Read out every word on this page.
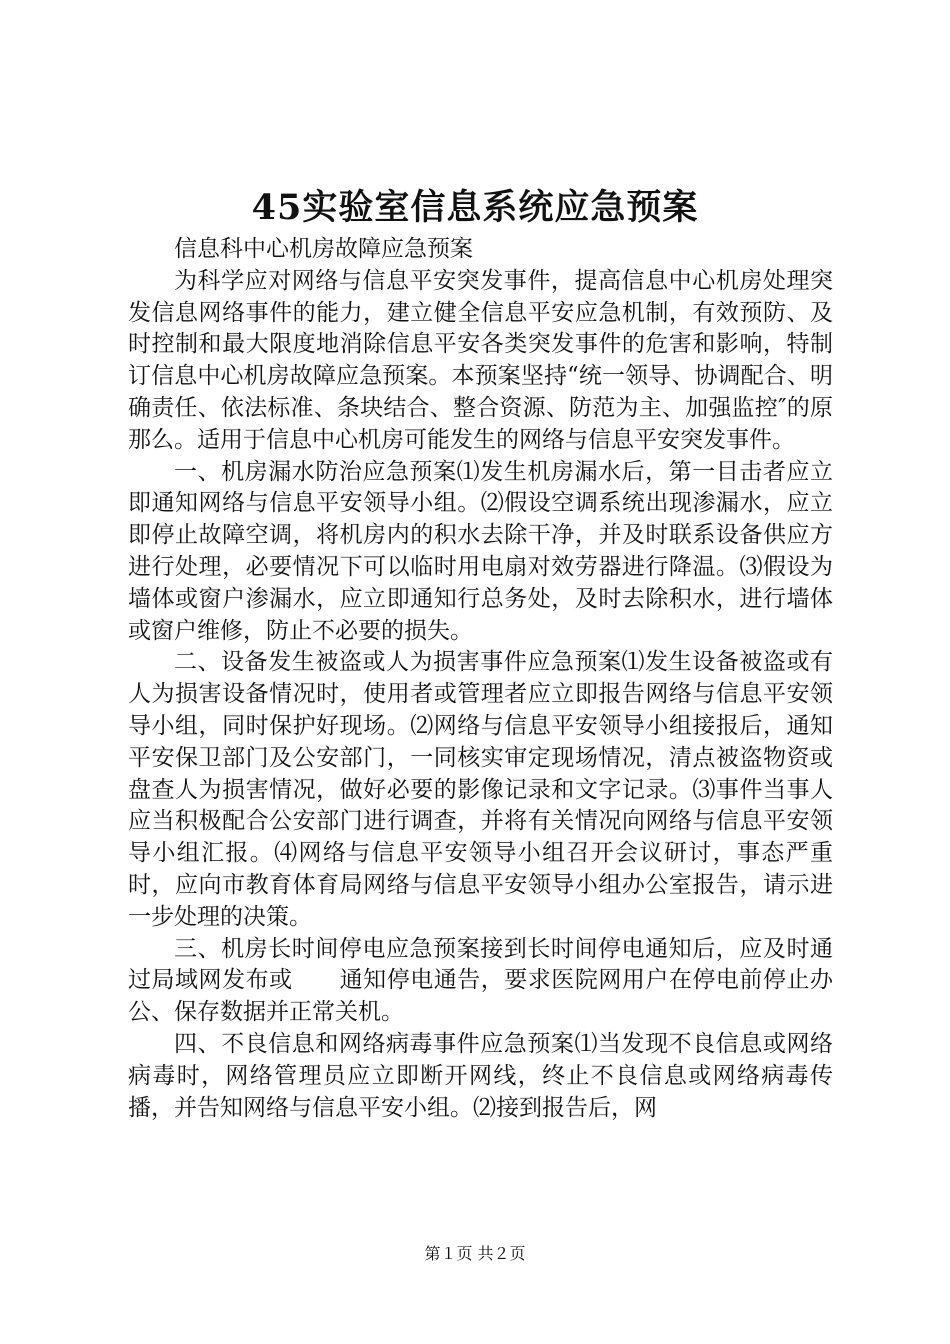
45实验室信息系统应急预案

信息科中心机房故障应急预案

为科学应对网络与信息平安突发事件，提高信息中心机房处理突发信息网络事件的能力，建立健全信息平安应急机制，有效预防、及时控制和最大限度地消除信息平安各类突发事件的危害和影响，特制订信息中心机房故障应急预案。本预案坚持“统一领导、协调配合、明确责任、依法标准、条块结合、整合资源、防范为主、加强监控″的原那么。适用于信息中心机房可能发生的网络与信息平安突发事件。

一、机房漏水防治应急预案⑴发生机房漏水后，第一目击者应立即通知网络与信息平安领导小组。⑵假设空调系统出现渗漏水，应立即停止故障空调，将机房内的积水去除干净，并及时联系设备供应方进行处理，必要情况下可以临时用电扇对效劳器进行降温。⑶假设为墙体或窗户渗漏水，应立即通知行总务处，及时去除积水，进行墙体或窗户维修，防止不必要的损失。

二、设备发生被盗或人为损害事件应急预案⑴发生设备被盗或有人为损害设备情况时，使用者或管理者应立即报告网络与信息平安领导小组，同时保护好现场。⑵网络与信息平安领导小组接报后，通知平安保卫部门及公安部门，一同核实审定现场情况，清点被盗物资或盘查人为损害情况，做好必要的影像记录和文字记录。⑶事件当事人应当积极配合公安部门进行调查，并将有关情况向网络与信息平安领导小组汇报。⑷网络与信息平安领导小组召开会议研讨，事态严重时，应向市教育体育局网络与信息平安领导小组办公室报告，请示进一步处理的决策。

三、机房长时间停电应急预案接到长时间停电通知后，应及时通过局域网发布或　　通知停电通告，要求医院网用户在停电前停止办公、保存数据并正常关机。

四、不良信息和网络病毒事件应急预案⑴当发现不良信息或网络病毒时，网络管理员应立即断开网线，终止不良信息或网络病毒传播，并告知网络与信息平安小组。⑵接到报告后，网

第１页 共２页
